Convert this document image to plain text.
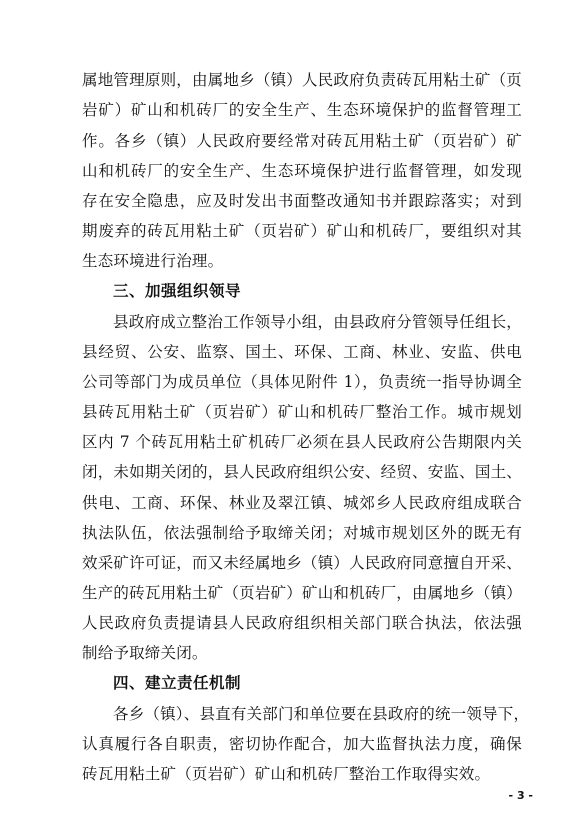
属地管理原则，由属地乡（镇）人民政府负责砖瓦用粘土矿（页
岩矿）矿山和机砖厂的安全生产、生态环境保护的监督管理工
作。各乡（镇）人民政府要经常对砖瓦用粘土矿（页岩矿）矿
山和机砖厂的安全生产、生态环境保护进行监督管理，如发现
存在安全隐患，应及时发出书面整改通知书并跟踪落实；对到
期废弃的砖瓦用粘土矿（页岩矿）矿山和机砖厂，要组织对其
生态环境进行治理。
三、加强组织领导
县政府成立整治工作领导小组，由县政府分管领导任组长，
县经贸、公安、监察、国土、环保、工商、林业、安监、供电
公司等部门为成员单位（具体见附件 1），负责统一指导协调全
县砖瓦用粘土矿（页岩矿）矿山和机砖厂整治工作。城市规划
区内 7 个砖瓦用粘土矿机砖厂必须在县人民政府公告期限内关
闭，未如期关闭的，县人民政府组织公安、经贸、安监、国土、
供电、工商、环保、林业及翠江镇、城郊乡人民政府组成联合
执法队伍，依法强制给予取缔关闭；对城市规划区外的既无有
效采矿许可证，而又未经属地乡（镇）人民政府同意擅自开采、
生产的砖瓦用粘土矿（页岩矿）矿山和机砖厂，由属地乡（镇）
人民政府负责提请县人民政府组织相关部门联合执法，依法强
制给予取缔关闭。
四、建立责任机制
各乡（镇）、县直有关部门和单位要在县政府的统一领导下，
认真履行各自职责，密切协作配合，加大监督执法力度，确保
砖瓦用粘土矿（页岩矿）矿山和机砖厂整治工作取得实效。
- 3 -
